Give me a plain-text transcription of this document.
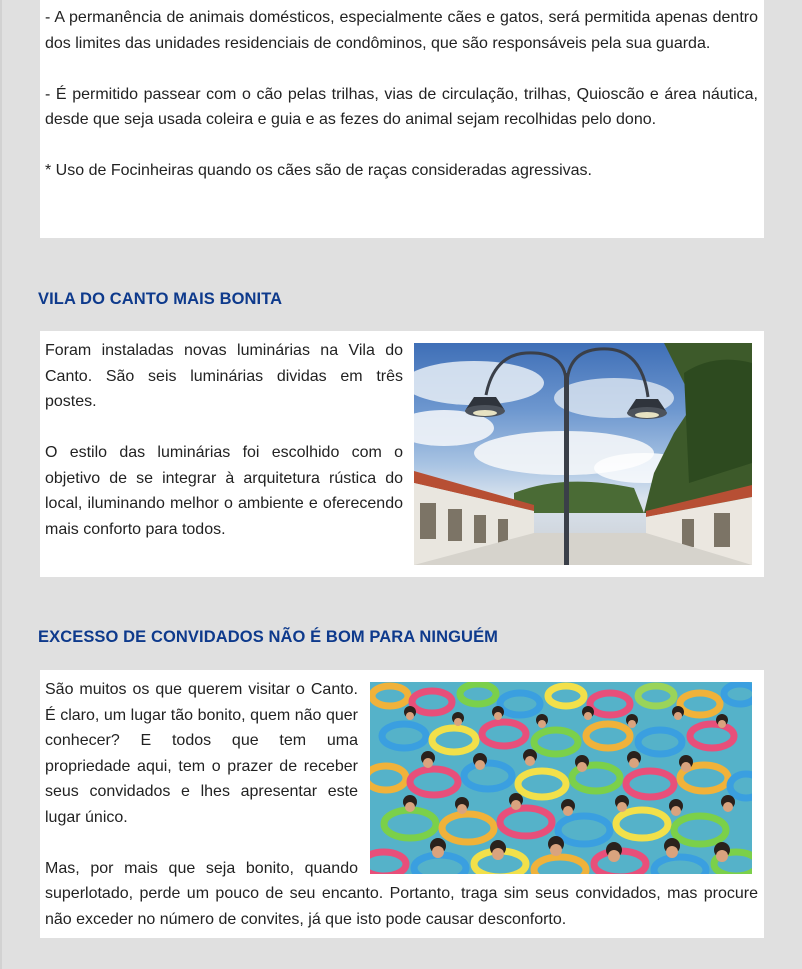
- A permanência de animais domésticos, especialmente cães e gatos, será permitida apenas dentro dos limites das unidades residenciais de condôminos, que são responsáveis pela sua guarda.

- É permitido passear com o cão pelas trilhas, vias de circulação, trilhas, Quioscão e área náutica, desde que seja usada coleira e guia e as fezes do animal sejam recolhidas pelo dono.

* Uso de Focinheiras quando os cães são de raças consideradas agressivas.

VILA DO CANTO MAIS BONITA

Foram instaladas novas luminárias na Vila do Canto. São seis luminárias dividas em três postes.

O estilo das luminárias foi escolhido com o objetivo de se integrar à arquitetura rústica do local, iluminando melhor o ambiente e oferecendo mais conforto para todos.

EXCESSO DE CONVIDADOS NÃO É BOM PARA NINGUÉM

São muitos os que querem visitar o Canto. É claro, um lugar tão bonito, quem não quer conhecer? E todos que tem uma propriedade aqui, tem o prazer de receber seus convidados e lhes apresentar este lugar único.

Mas, por mais que seja bonito, quando superlotado, perde um pouco de seu encanto. Portanto, traga sim seus convidados, mas procure não exceder no número de convites, já que isto pode causar desconforto.
